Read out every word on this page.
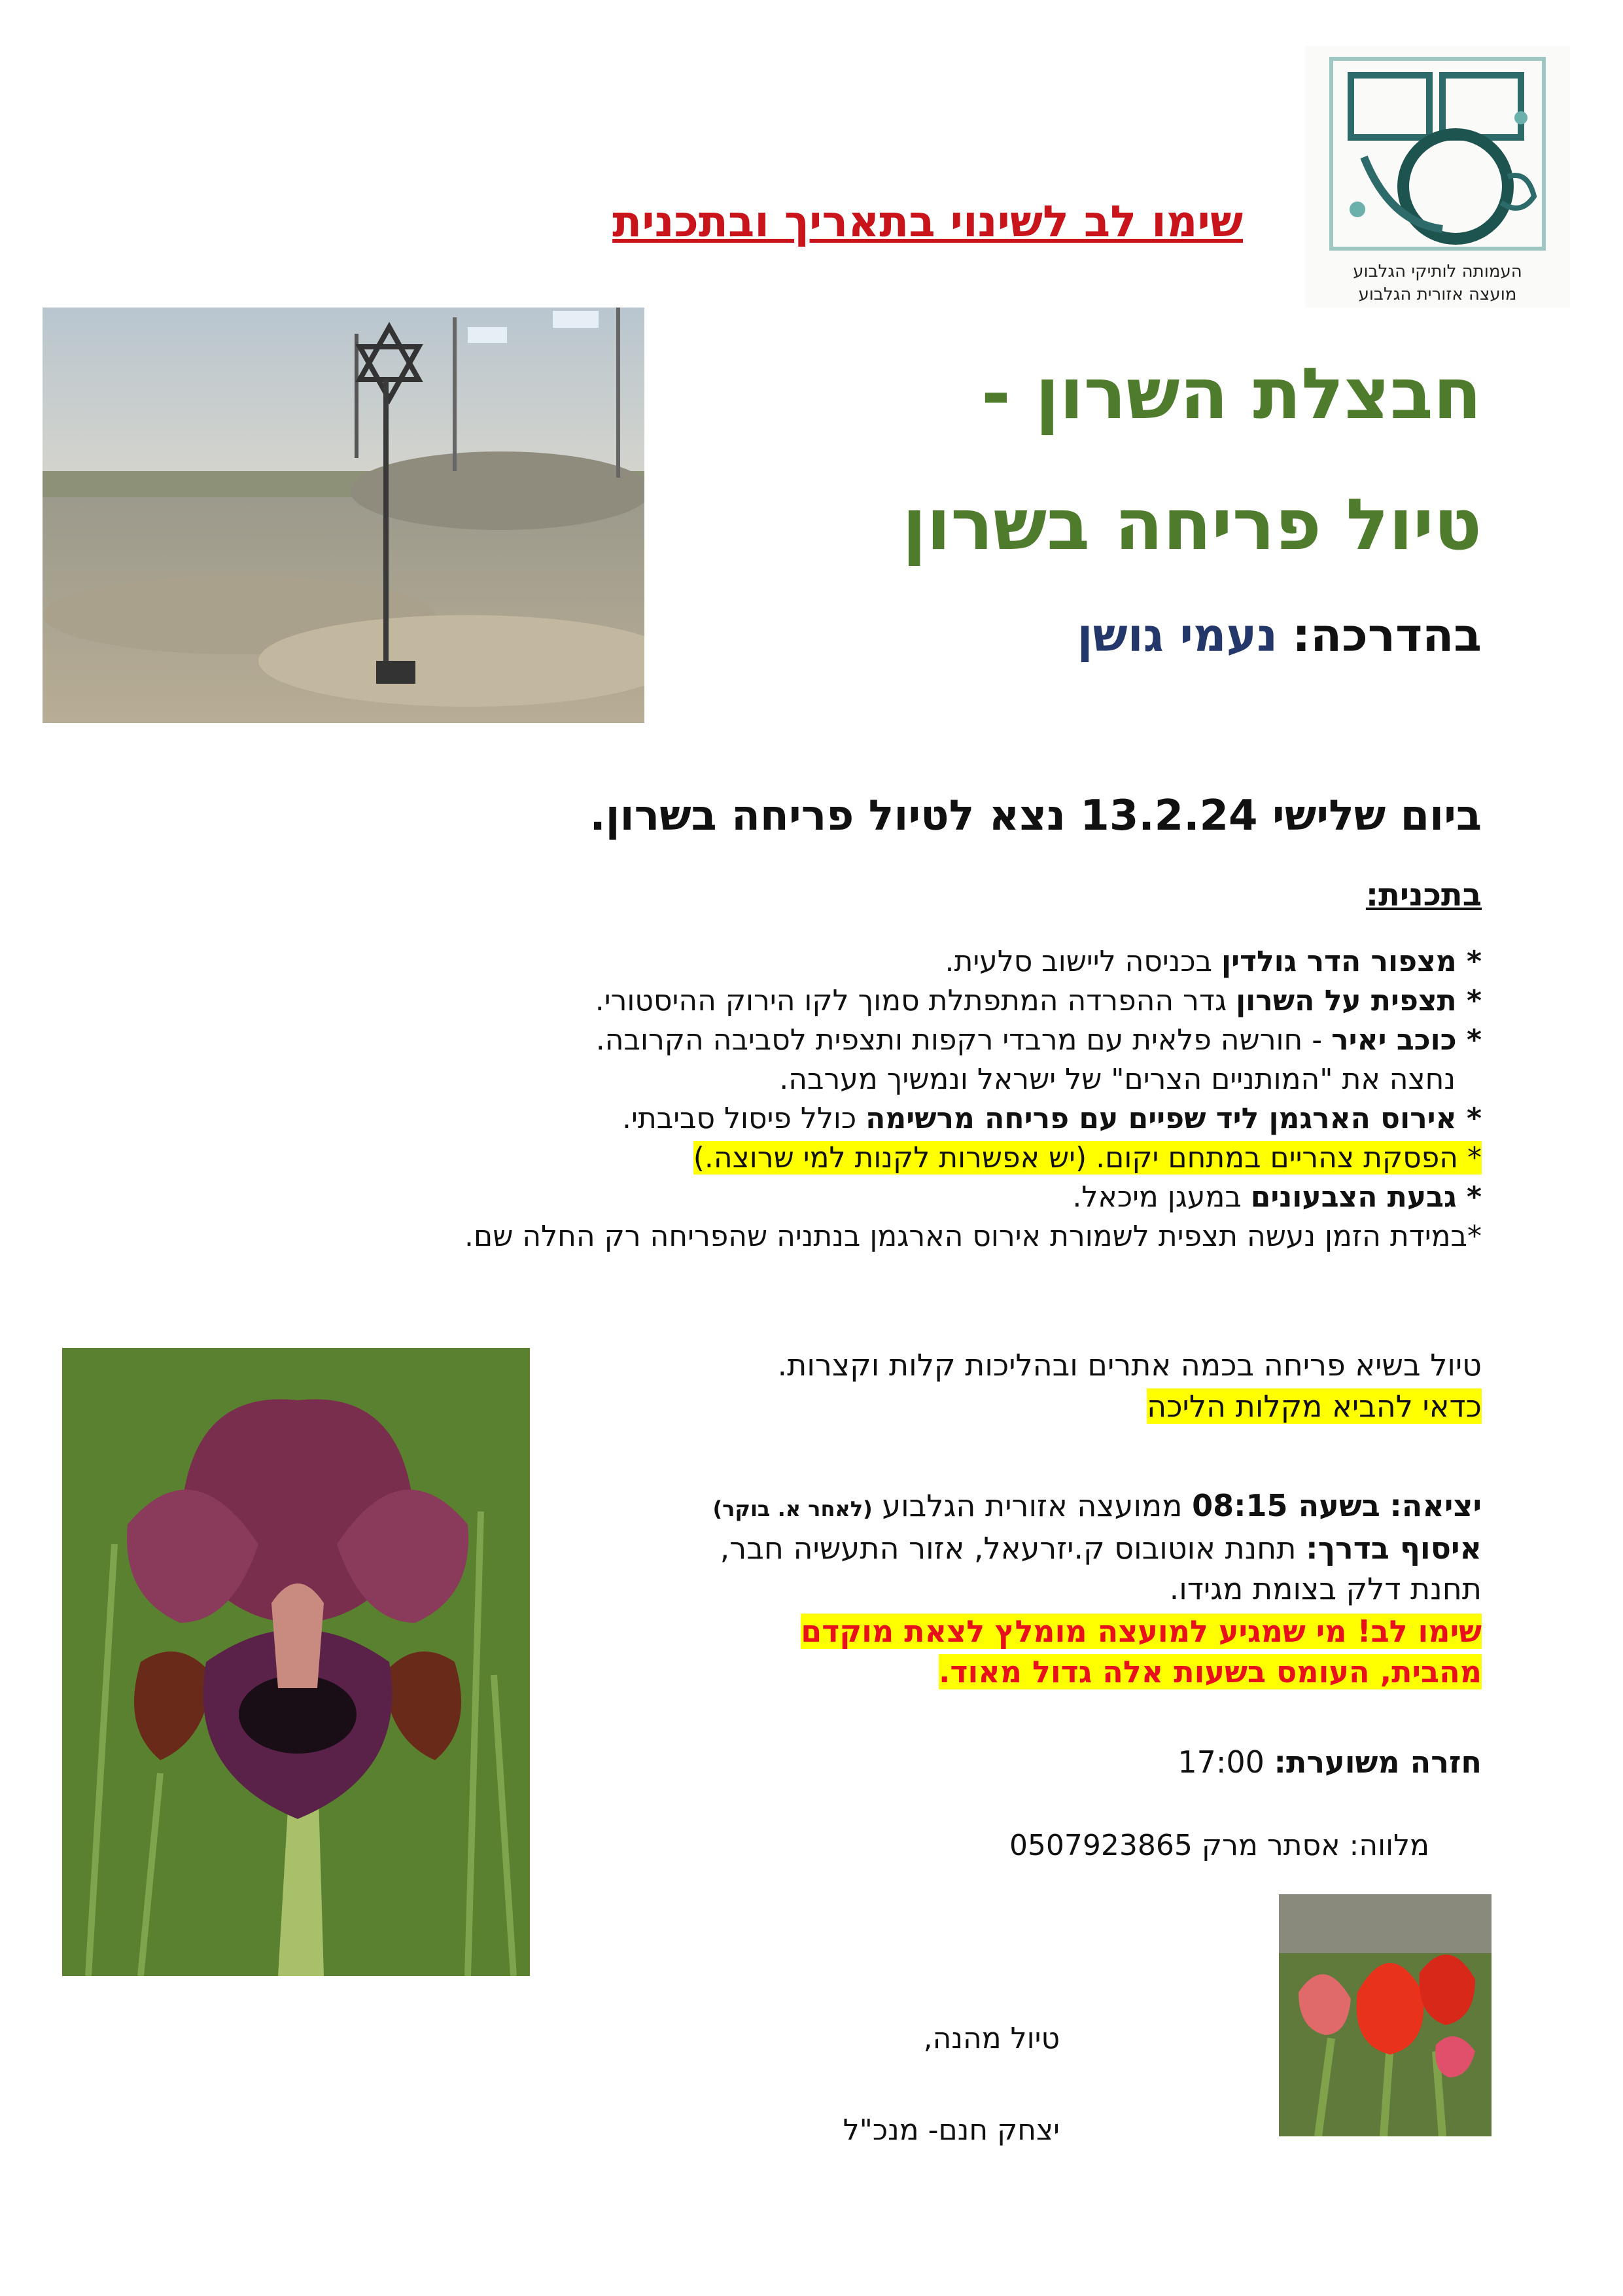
שימו לב לשינוי בתאריך ובתכנית
העמותה לותיקי הגלבוע
מועצה אזורית הגלבוע
חבצלת השרון -
טיול פריחה בשרון
בהדרכה: נעמי גושן
ביום שלישי 13.2.24 נצא לטיול פריחה בשרון.
בתכנית:
* מצפור הדר גולדין בכניסה ליישוב סלעית.
* תצפית על השרון גדר ההפרדה המתפתלת סמוך לקו הירוק ההיסטורי.
* כוכב יאיר - חורשה פלאית עם מרבדי רקפות ותצפית לסביבה הקרובה.
נחצה את "המותניים הצרים" של ישראל ונמשיך מערבה.
* אירוס הארגמן ליד שפיים עם פריחה מרשימה כולל פיסול סביבתי.
* הפסקת צהריים במתחם יקום. (יש אפשרות לקנות למי שרוצה.)
* גבעת הצבעונים במעגן מיכאל.
*במידת הזמן נעשה תצפית לשמורת אירוס הארגמן בנתניה שהפריחה רק החלה שם.
טיול בשיא פריחה בכמה אתרים ובהליכות קלות וקצרות.
כדאי להביא מקלות הליכה
יציאה: בשעה 08:15 ממועצה אזורית הגלבוע (לאחר א. בוקר)
איסוף בדרך: תחנת אוטובוס ק.יזרעאל, אזור התעשיה חבר,
תחנת דלק בצומת מגידו.
שימו לב! מי שמגיע למועצה מומלץ לצאת מוקדם
מהבית, העומס בשעות אלה גדול מאוד.
חזרה משוערת: 17:00
מלווה: אסתר מרק 0507923865
טיול מהנה,
יצחק חנם- מנכ"ל
